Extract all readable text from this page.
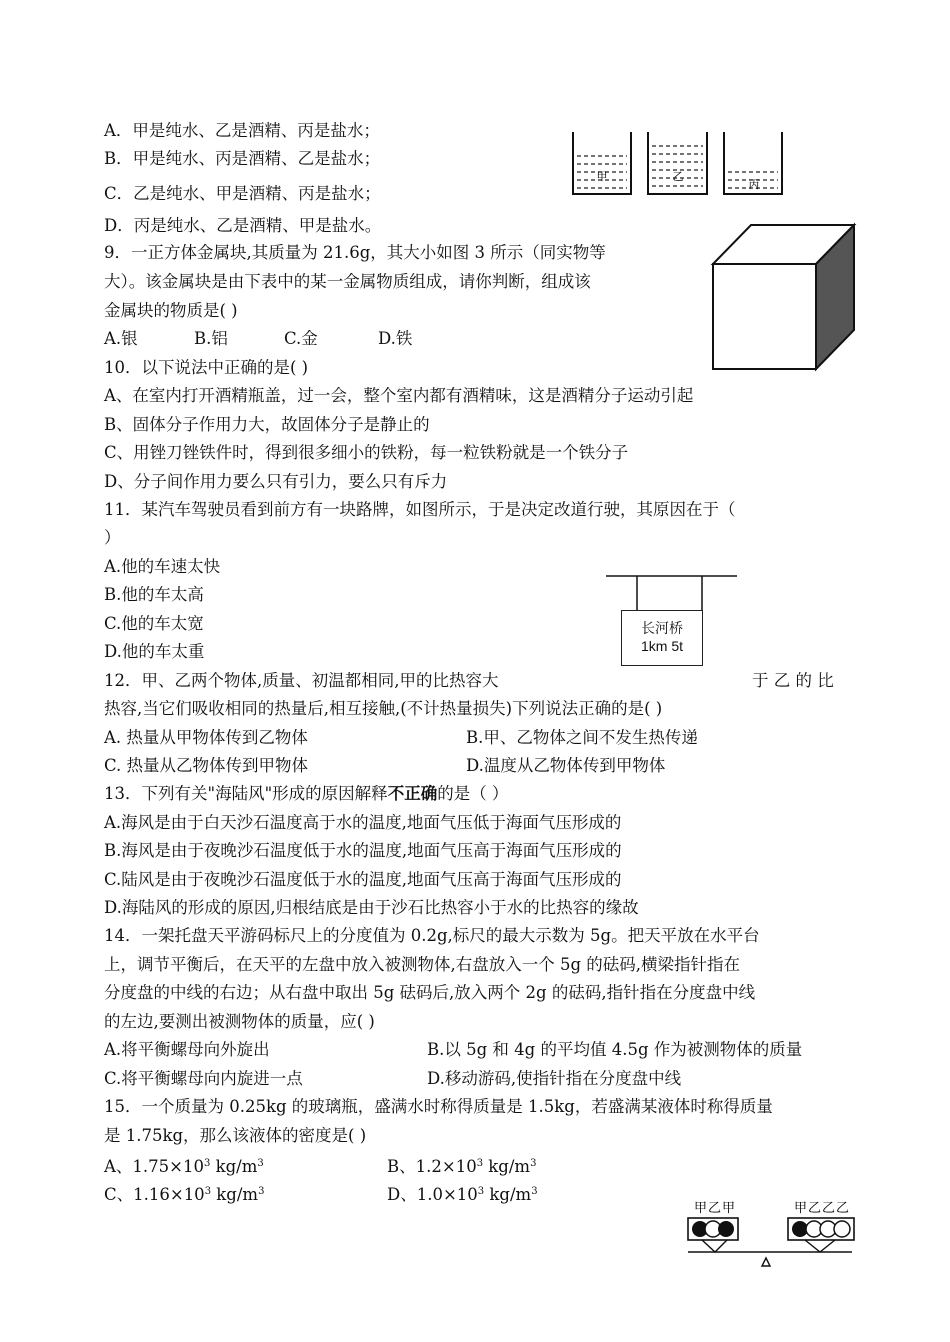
A．甲是纯水、乙是酒精、丙是盐水；
B．甲是纯水、丙是酒精、乙是盐水；
C．乙是纯水、甲是酒精、丙是盐水；
D．丙是纯水、乙是酒精、甲是盐水。
甲	乙
丙
9．一正方体金属块,其质量为 21.6g，其大小如图 3 所示（同实物等
大）。该金属块是由下表中的某一金属物质组成，请你判断，组成该
金属块的物质是( )
A.银	B.铝	C.金	D.铁
10．以下说法中正确的是( )
A、在室内打开酒精瓶盖，过一会，整个室内都有酒精味，这是酒精分子运动引起
B、固体分子作用力大，故固体分子是静止的
C、用锉刀锉铁件时，得到很多细小的铁粉，每一粒铁粉就是一个铁分子
D、分子间作用力要么只有引力，要么只有斥力
11．某汽车驾驶员看到前方有一块路牌，如图所示，于是决定改道行驶，其原因在于（
）
A.他的车速太快
B.他的车太高
C.他的车太宽
D.他的车太重
长河桥
1km 5t
12．甲、乙两个物体,质量、初温都相同,甲的比热容大	于 乙 的 比
热容,当它们吸收相同的热量后,相互接触,(不计热量损失)下列说法正确的是( )
A. 热量从甲物体传到乙物体	B.甲、乙物体之间不发生热传递
C. 热量从乙物体传到甲物体	D.温度从乙物体传到甲物体
13．下列有关"海陆风"形成的原因解释不正确的是（ ）
A.海风是由于白天沙石温度高于水的温度,地面气压低于海面气压形成的
B.海风是由于夜晚沙石温度低于水的温度,地面气压高于海面气压形成的
C.陆风是由于夜晚沙石温度低于水的温度,地面气压高于海面气压形成的
D.海陆风的形成的原因,归根结底是由于沙石比热容小于水的比热容的缘故
14．一架托盘天平游码标尺上的分度值为 0.2g,标尺的最大示数为 5g。把天平放在水平台
上，调节平衡后，在天平的左盘中放入被测物体,右盘放入一个 5g 的砝码,横梁指针指在
分度盘的中线的右边；从右盘中取出 5g 砝码后,放入两个 2g 的砝码,指针指在分度盘中线
的左边,要测出被测物体的质量，应( )
A.将平衡螺母向外旋出	B.以 5g 和 4g 的平均值 4.5g 作为被测物体的质量
C.将平衡螺母向内旋进一点	D.移动游码,使指针指在分度盘中线
15．一个质量为 0.25kg 的玻璃瓶，盛满水时称得质量是 1.5kg，若盛满某液体时称得质量
是 1.75kg，那么该液体的密度是( )
A、$1.75\times 10^3$ $kg/m^3$	B、$1.2\times 10^3$ $kg/m^3$
C、$1.16\times 10^3$ $kg/m^3$	D、$1.0\times 10^3$ $kg/m^3$
甲乙甲	甲乙乙乙
